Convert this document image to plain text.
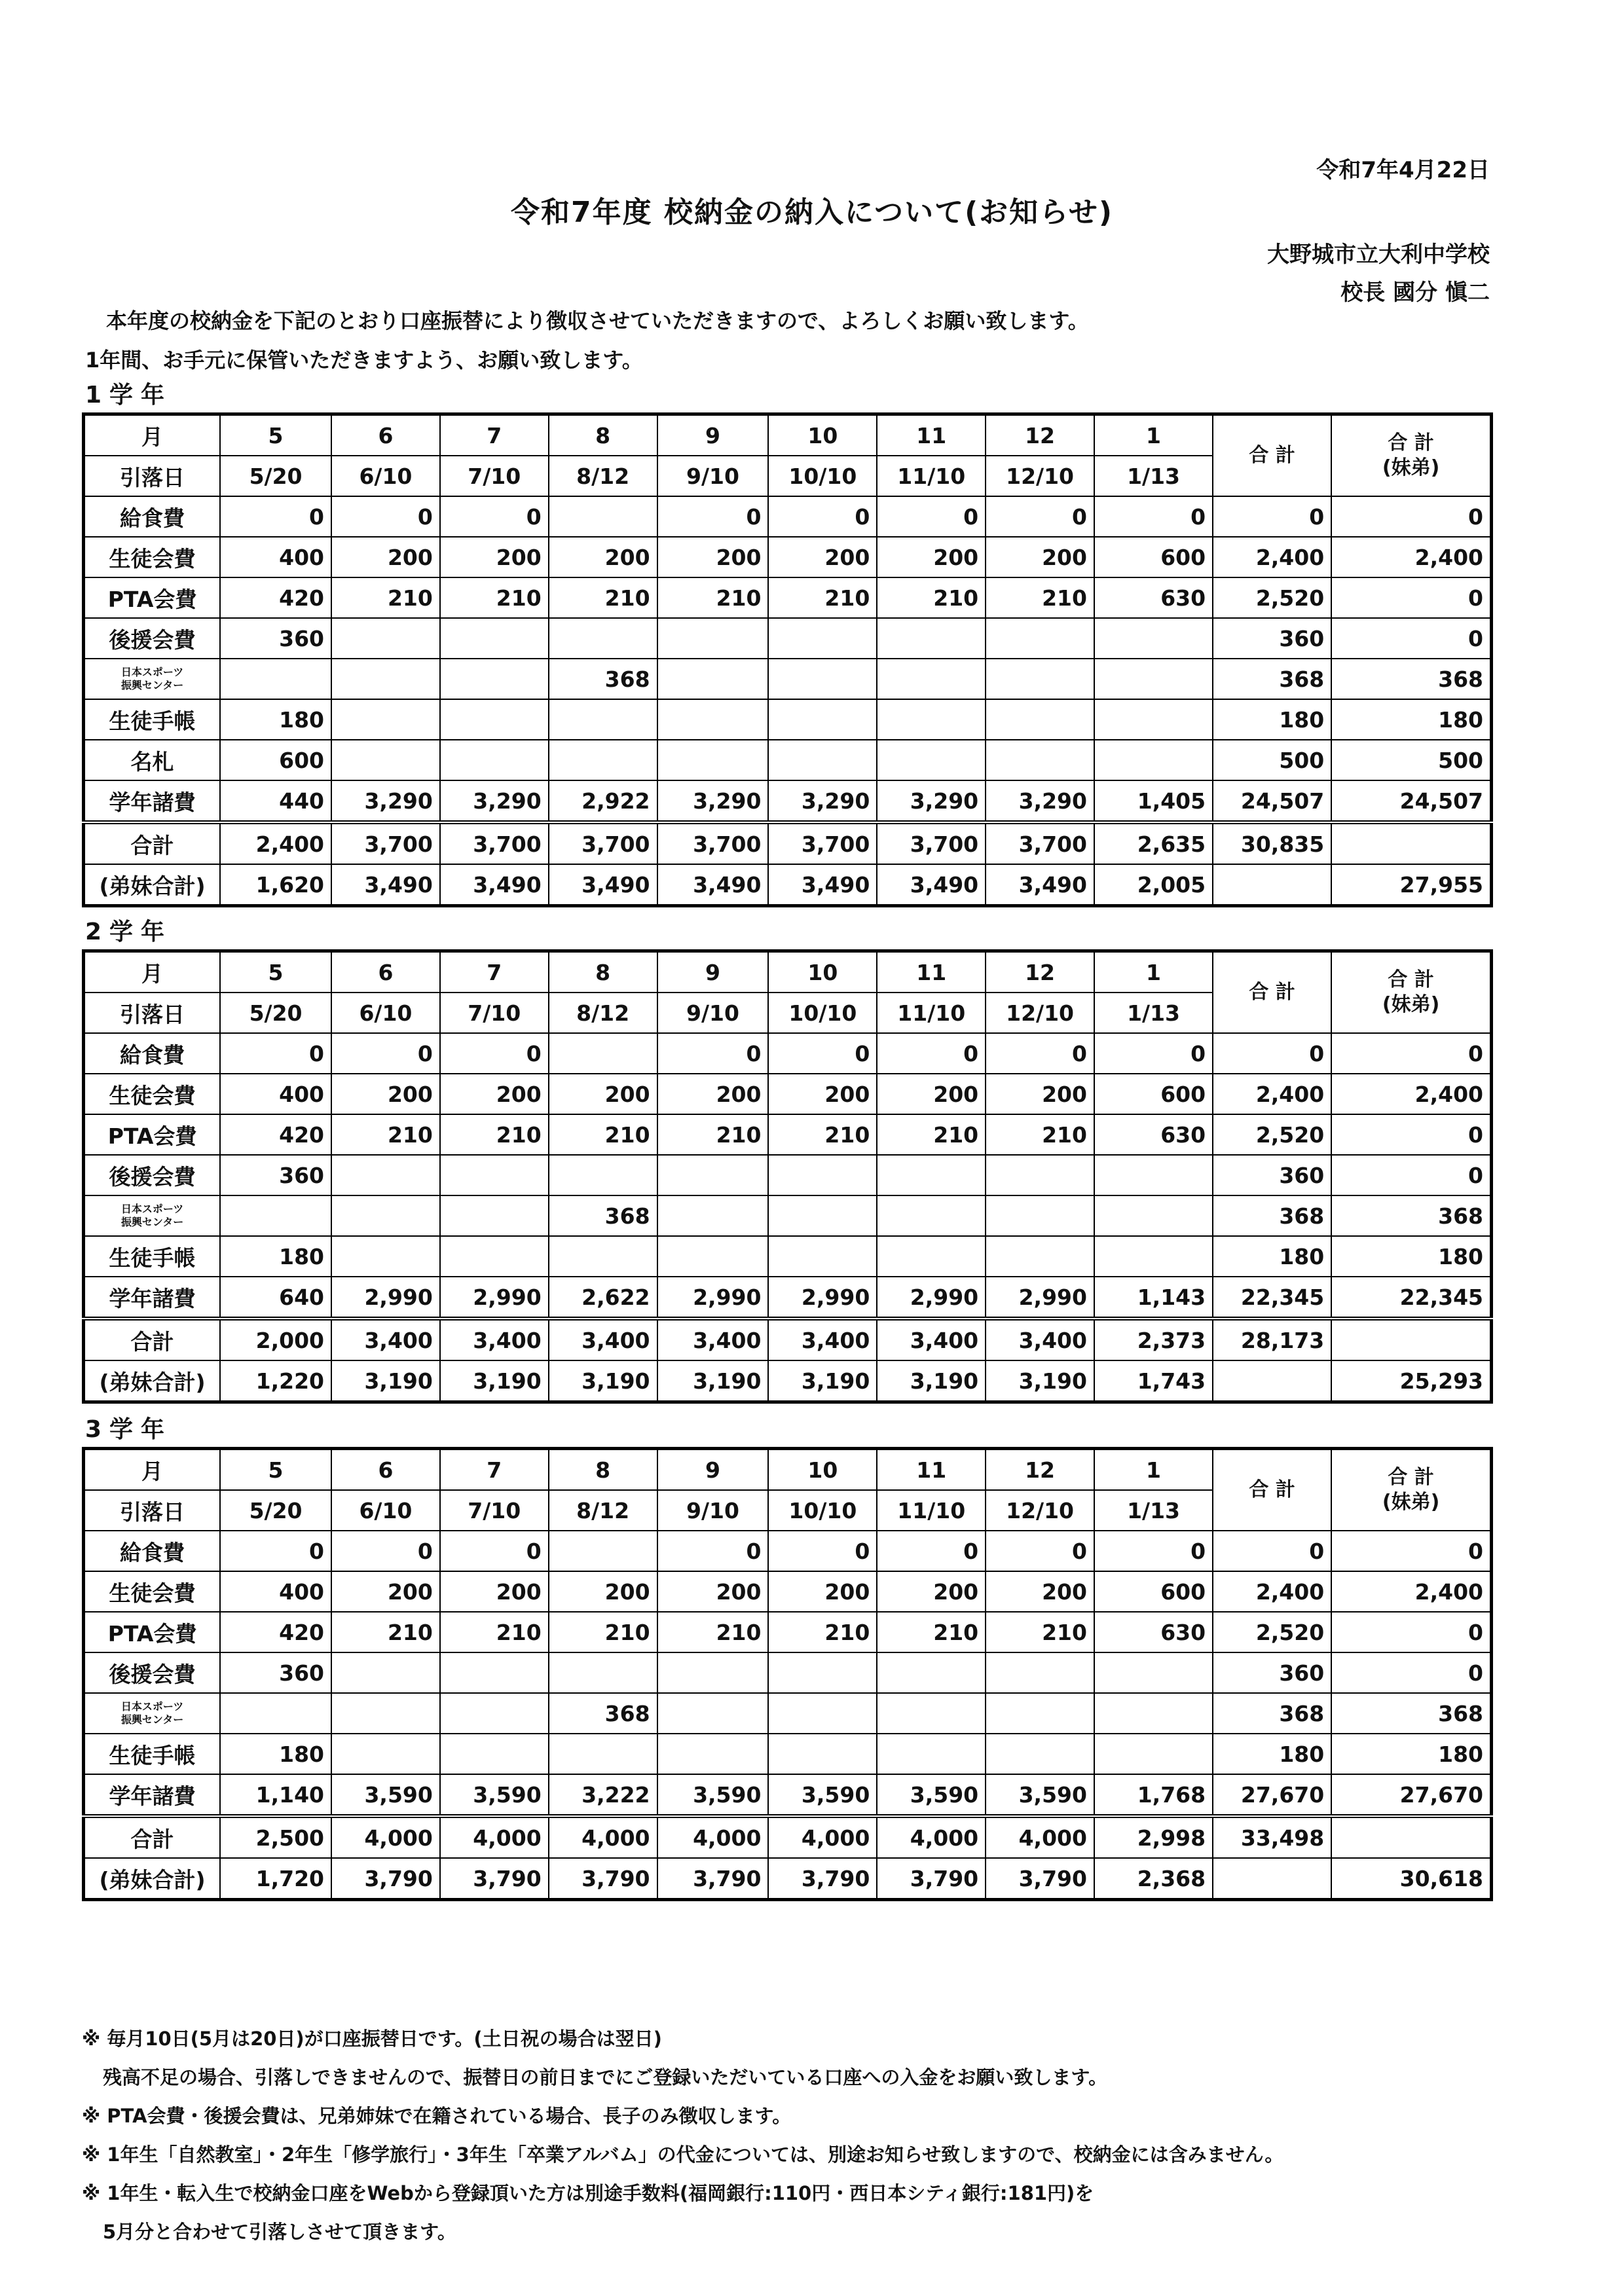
令和7年4月22日
令和7年度 校納金の納入について(お知らせ)
大野城市立大利中学校
校長 國分 愼二
本年度の校納金を下記のとおり口座振替により徴収させていただきますので、よろしくお願い致します。
1年間、お手元に保管いただきますよう、お願い致します。
1学年
月	5	6	7	8	9	10	11	12	1	合 計	合 計
(妹弟)
引落日	5/20	6/10	7/10	8/12	9/10	10/10	11/10	12/10	1/13		
給食費	0	0	0		0	0	0	0	0	0	0
生徒会費	400	200	200	200	200	200	200	200	600	2,400	2,400
PTA会費	420	210	210	210	210	210	210	210	630	2,520	0
後援会費	360									360	0
日本スポーツ
振興センター				368						368	368
生徒手帳	180									180	180
名札	600									500	500
学年諸費	440	3,290	3,290	2,922	3,290	3,290	3,290	3,290	1,405	24,507	24,507
合計	2,400	3,700	3,700	3,700	3,700	3,700	3,700	3,700	2,635	30,835	
(弟妹合計)	1,620	3,490	3,490	3,490	3,490	3,490	3,490	3,490	2,005		27,955
2学年
月	5	6	7	8	9	10	11	12	1	合 計	合 計
(妹弟)
引落日	5/20	6/10	7/10	8/12	9/10	10/10	11/10	12/10	1/13		
給食費	0	0	0		0	0	0	0	0	0	0
生徒会費	400	200	200	200	200	200	200	200	600	2,400	2,400
PTA会費	420	210	210	210	210	210	210	210	630	2,520	0
後援会費	360									360	0
日本スポーツ
振興センター				368						368	368
生徒手帳	180									180	180
学年諸費	640	2,990	2,990	2,622	2,990	2,990	2,990	2,990	1,143	22,345	22,345
合計	2,000	3,400	3,400	3,400	3,400	3,400	3,400	3,400	2,373	28,173	
(弟妹合計)	1,220	3,190	3,190	3,190	3,190	3,190	3,190	3,190	1,743		25,293
3学年
月	5	6	7	8	9	10	11	12	1	合 計	合 計
(妹弟)
引落日	5/20	6/10	7/10	8/12	9/10	10/10	11/10	12/10	1/13		
給食費	0	0	0		0	0	0	0	0	0	0
生徒会費	400	200	200	200	200	200	200	200	600	2,400	2,400
PTA会費	420	210	210	210	210	210	210	210	630	2,520	0
後援会費	360									360	0
日本スポーツ
振興センター				368						368	368
生徒手帳	180									180	180
学年諸費	1,140	3,590	3,590	3,222	3,590	3,590	3,590	3,590	1,768	27,670	27,670
合計	2,500	4,000	4,000	4,000	4,000	4,000	4,000	4,000	2,998	33,498	
(弟妹合計)	1,720	3,790	3,790	3,790	3,790	3,790	3,790	3,790	2,368		30,618
※ 毎月10日(5月は20日)が口座振替日です。(土日祝の場合は翌日)
残高不足の場合、引落しできませんので、振替日の前日までにご登録いただいている口座への入金をお願い致します。
※ PTA会費・後援会費は、兄弟姉妹で在籍されている場合、長子のみ徴収します。
※ 1年生「自然教室」・2年生「修学旅行」・3年生「卒業アルバム」の代金については、別途お知らせ致しますので、校納金には含みません。
※ 1年生・転入生で校納金口座をWebから登録頂いた方は別途手数料(福岡銀行:110円・西日本シティ銀行:181円)を
5月分と合わせて引落しさせて頂きます。
